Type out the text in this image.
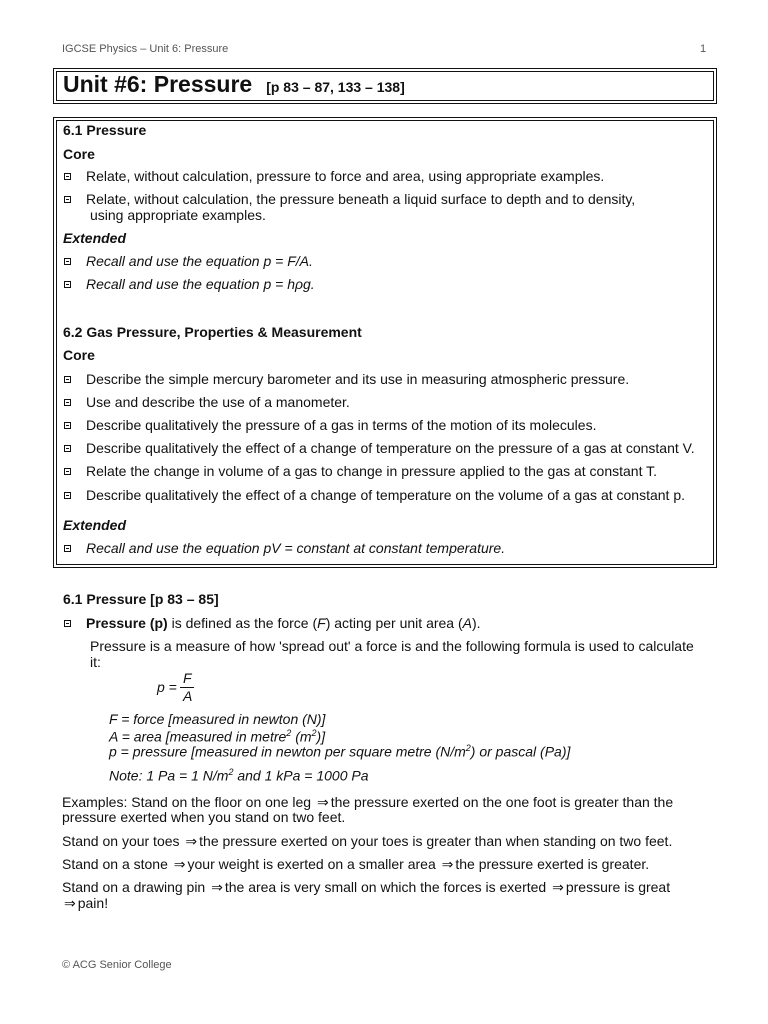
IGCSE Physics – Unit 6: Pressure	1
Unit #6: Pressure [p 83 – 87, 133 – 138]
6.1 Pressure
Core
Relate, without calculation, pressure to force and area, using appropriate examples.
Relate, without calculation, the pressure beneath a liquid surface to depth and to density,
using appropriate examples.
Extended
Recall and use the equation p = F/A.
Recall and use the equation p = hρg.
6.2 Gas Pressure, Properties & Measurement
Core
Describe the simple mercury barometer and its use in measuring atmospheric pressure.
Use and describe the use of a manometer.
Describe qualitatively the pressure of a gas in terms of the motion of its molecules.
Describe qualitatively the effect of a change of temperature on the pressure of a gas at constant V.
Relate the change in volume of a gas to change in pressure applied to the gas at constant T.
Describe qualitatively the effect of a change of temperature on the volume of a gas at constant p.
Extended
Recall and use the equation pV = constant at constant temperature.
6.1 Pressure [p 83 – 85]
Pressure (p) is defined as the force (F) acting per unit area (A).
Pressure is a measure of how 'spread out' a force is and the following formula is used to calculate
it:
p =
F
A
F = force [measured in newton (N)]
A = area [measured in metre$^2$ $(m^2)$]
p = pressure [measured in newton per square metre $(N/m^2)$ or pascal (Pa)]
Note: 1 Pa = 1 $N/m^2$ and 1 kPa = 1000 Pa
Examples: Stand on the floor on one leg ⇒ the pressure exerted on the one foot is greater than the
pressure exerted when you stand on two feet.
Stand on your toes ⇒ the pressure exerted on your toes is greater than when standing on two feet.
Stand on a stone ⇒ your weight is exerted on a smaller area ⇒ the pressure exerted is greater.
Stand on a drawing pin ⇒ the area is very small on which the forces is exerted ⇒ pressure is great
⇒ pain!
© ACG Senior College
